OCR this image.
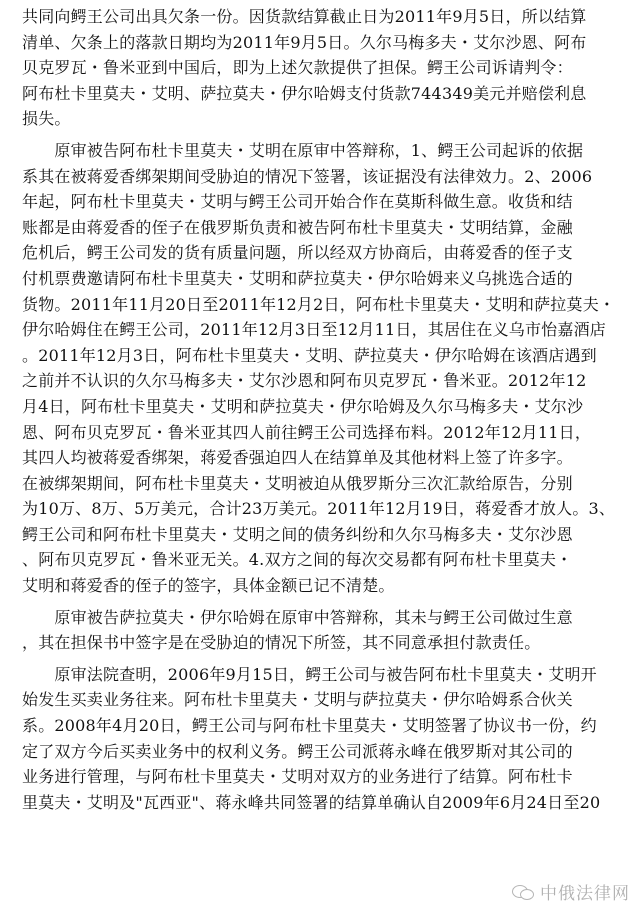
共同向鳄王公司出具欠条一份。因货款结算截止日为2011年9月5日，所以结算
清单、欠条上的落款日期均为2011年9月5日。久尔马梅多夫・艾尔沙恩、阿布
贝克罗瓦・鲁米亚到中国后，即为上述欠款提供了担保。鳄王公司诉请判令：
阿布杜卡里莫夫・艾明、萨拉莫夫・伊尔哈姆支付货款744349美元并赔偿利息
损失。
　　原审被告阿布杜卡里莫夫・艾明在原审中答辩称，1、鳄王公司起诉的依据
系其在被蒋爱香绑架期间受胁迫的情况下签署，该证据没有法律效力。2、2006
年起，阿布杜卡里莫夫・艾明与鳄王公司开始合作在莫斯科做生意。收货和结
账都是由蒋爱香的侄子在俄罗斯负责和被告阿布杜卡里莫夫・艾明结算，金融
危机后，鳄王公司发的货有质量问题，所以经双方协商后，由蒋爱香的侄子支
付机票费邀请阿布杜卡里莫夫・艾明和萨拉莫夫・伊尔哈姆来义乌挑选合适的
货物。2011年11月20日至2011年12月2日，阿布杜卡里莫夫・艾明和萨拉莫夫・
伊尔哈姆住在鳄王公司，2011年12月3日至12月11日，其居住在义乌市怡嘉酒店
。2011年12月3日，阿布杜卡里莫夫・艾明、萨拉莫夫・伊尔哈姆在该酒店遇到
之前并不认识的久尔马梅多夫・艾尔沙恩和阿布贝克罗瓦・鲁米亚。2012年12
月4日，阿布杜卡里莫夫・艾明和萨拉莫夫・伊尔哈姆及久尔马梅多夫・艾尔沙
恩、阿布贝克罗瓦・鲁米亚其四人前往鳄王公司选择布料。2012年12月11日，
其四人均被蒋爱香绑架，蒋爱香强迫四人在结算单及其他材料上签了许多字。
在被绑架期间，阿布杜卡里莫夫・艾明被迫从俄罗斯分三次汇款给原告，分别
为10万、8万、5万美元，合计23万美元。2011年12月19日，蒋爱香才放人。3、
鳄王公司和阿布杜卡里莫夫・艾明之间的债务纠纷和久尔马梅多夫・艾尔沙恩
、阿布贝克罗瓦・鲁米亚无关。4.双方之间的每次交易都有阿布杜卡里莫夫・
艾明和蒋爱香的侄子的签字，具体金额已记不清楚。
　　原审被告萨拉莫夫・伊尔哈姆在原审中答辩称，其未与鳄王公司做过生意
，其在担保书中签字是在受胁迫的情况下所签，其不同意承担付款责任。
　　原审法院查明，2006年9月15日，鳄王公司与被告阿布杜卡里莫夫・艾明开
始发生买卖业务往来。阿布杜卡里莫夫・艾明与萨拉莫夫・伊尔哈姆系合伙关
系。2008年4月20日，鳄王公司与阿布杜卡里莫夫・艾明签署了协议书一份，约
定了双方今后买卖业务中的权利义务。鳄王公司派蒋永峰在俄罗斯对其公司的
业务进行管理，与阿布杜卡里莫夫・艾明对双方的业务进行了结算。阿布杜卡
里莫夫・艾明及"瓦西亚"、蒋永峰共同签署的结算单确认自2009年6月24日至20
中俄法律网
